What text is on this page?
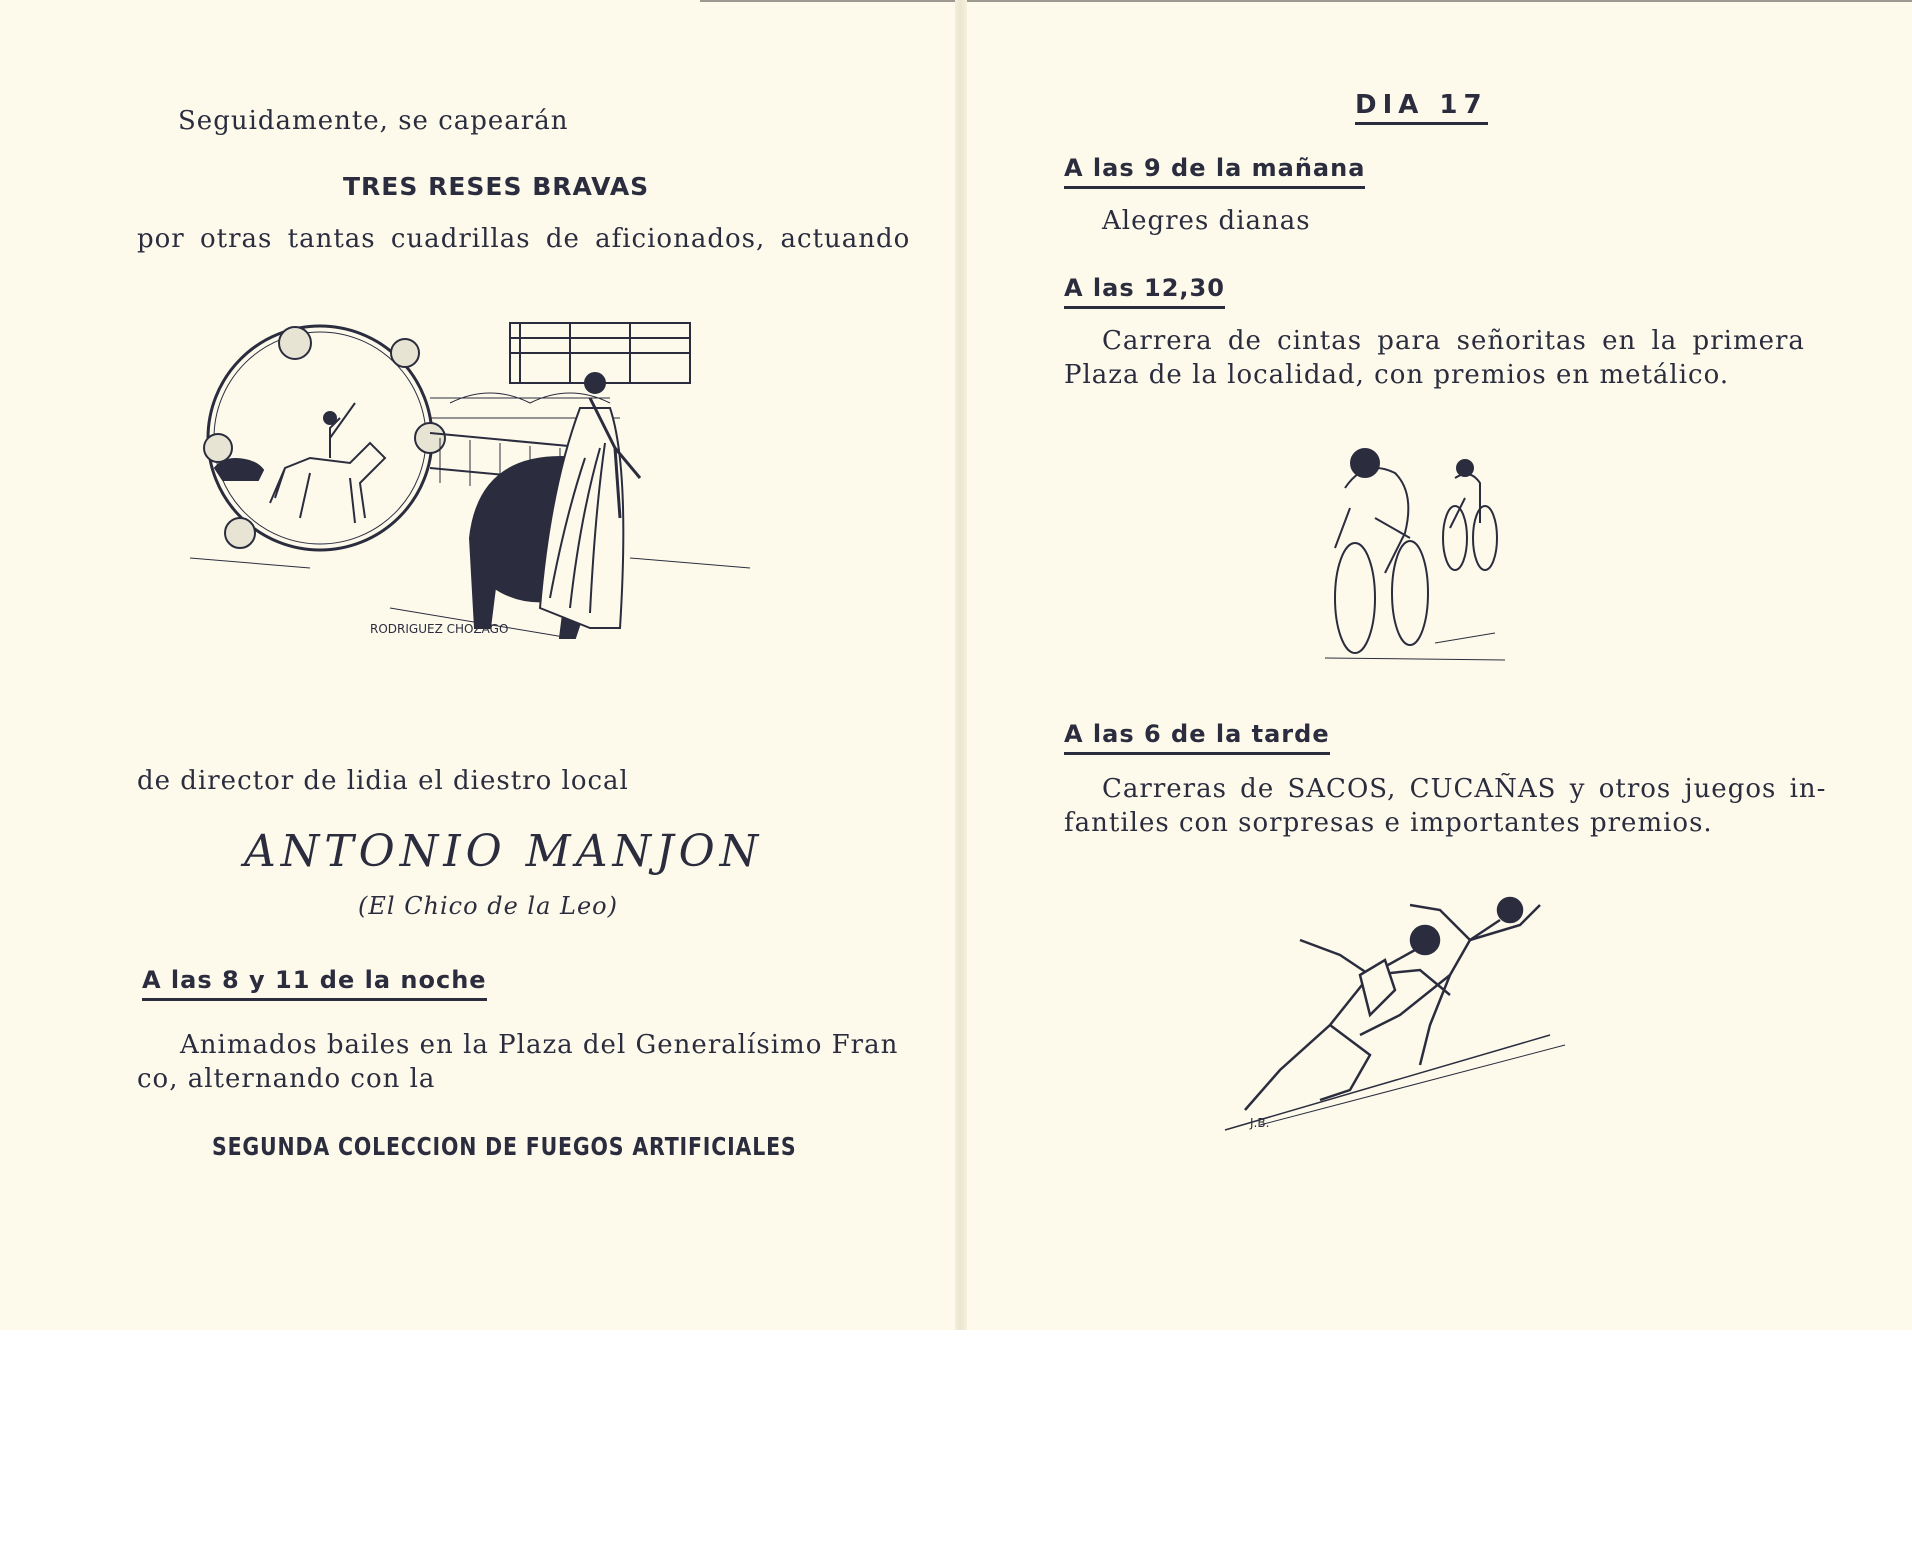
Seguidamente, se capearán
TRES RESES BRAVAS
por otras tantas cuadrillas de aficionados, actuando
RODRIGUEZ CHOZAGO
de director de lidia el diestro local
ANTONIO MANJON
(El Chico de la Leo)
A las 8 y 11 de la noche
Animados bailes en la Plaza del Generalísimo Fran
co, alternando con la
SEGUNDA COLECCION DE FUEGOS ARTIFICIALES
DIA 17
A las 9 de la mañana
Alegres dianas
A las 12,30
Carrera de cintas para señoritas en la primera
Plaza de la localidad, con premios en metálico.
A las 6 de la tarde
Carreras de SACOS, CUCAÑAS y otros juegos in-
fantiles con sorpresas e importantes premios.
J.B.
